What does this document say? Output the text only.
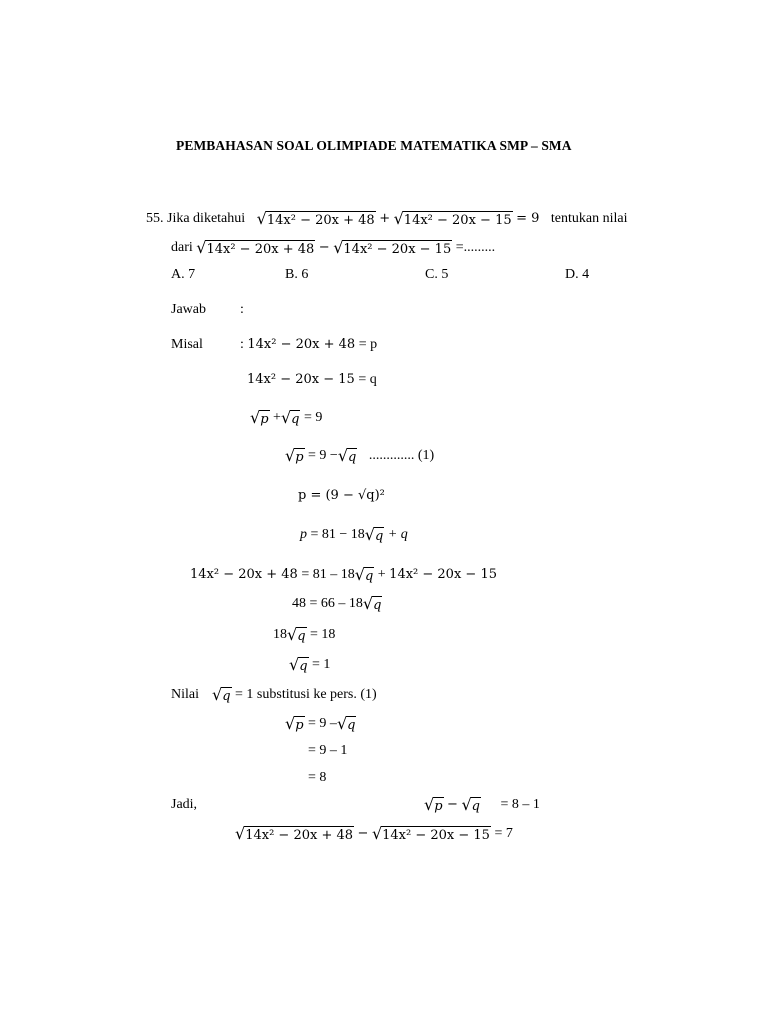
PEMBAHASAN SOAL OLIMPIADE MATEMATIKA SMP – SMA
55. Jika diketahui √ 14x² − 20x + 48 + √ 14x² − 20x − 15 = 9 tentukan nilai
dari √ 14x² − 20x + 48 − √ 14x² − 20x − 15 =.........
A. 7	B. 6	C. 5	D. 4
Jawab :
Misal	: 14x² − 20x + 48 = p
14x² − 20x − 15 = q
√ p + √ q = 9
√ p = 9 − √ q ............. (1)
p = (9 − √q)²
p = 81 − 18 √ q + q
14x² − 20x + 48 = 81 – 18 √ q + 14x² − 20x − 15
48 = 66 – 18 √ q
18 √ q = 18
√ q = 1
Nilai √ q = 1 substitusi ke pers. (1)
√ p = 9 – √ q
= 9 – 1
= 8
Jadi,	√ p − √ q = 8 – 1
√ 14x² − 20x + 48 − √ 14x² − 20x − 15 = 7
